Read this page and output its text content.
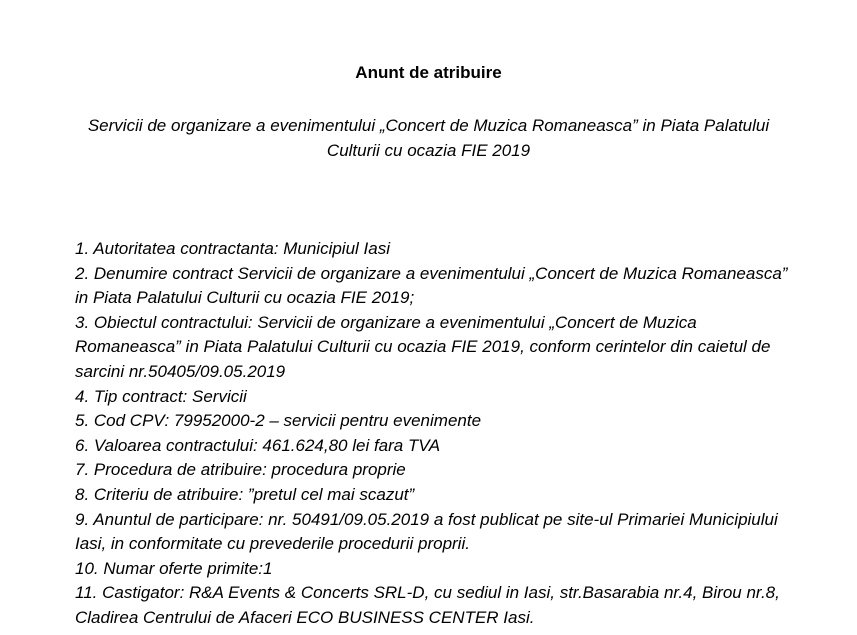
Anunt de atribuire
Servicii de organizare a evenimentului „Concert de Muzica Romaneasca” in Piata Palatului Culturii cu ocazia FIE 2019
1. Autoritatea contractanta: Municipiul Iasi
2. Denumire contract Servicii de organizare a evenimentului „Concert de Muzica Romaneasca” in Piata Palatului Culturii cu ocazia FIE 2019;
3. Obiectul contractului: Servicii de organizare a evenimentului „Concert de Muzica Romaneasca” in Piata Palatului Culturii cu ocazia FIE 2019, conform cerintelor din caietul de sarcini nr.50405/09.05.2019
4. Tip contract: Servicii
5. Cod CPV: 79952000-2 – servicii pentru evenimente
6. Valoarea contractului: 461.624,80 lei fara TVA
7. Procedura de atribuire: procedura proprie
8. Criteriu de atribuire: ”pretul cel mai scazut”
9. Anuntul de participare: nr. 50491/09.05.2019 a fost publicat pe site-ul Primariei Municipiului Iasi, in conformitate cu prevederile procedurii proprii.
10. Numar oferte primite:1
11. Castigator: R&A Events & Concerts SRL-D, cu sediul in Iasi, str.Basarabia nr.4, Birou nr.8, Cladirea Centrului de Afaceri ECO BUSINESS CENTER Iasi.
